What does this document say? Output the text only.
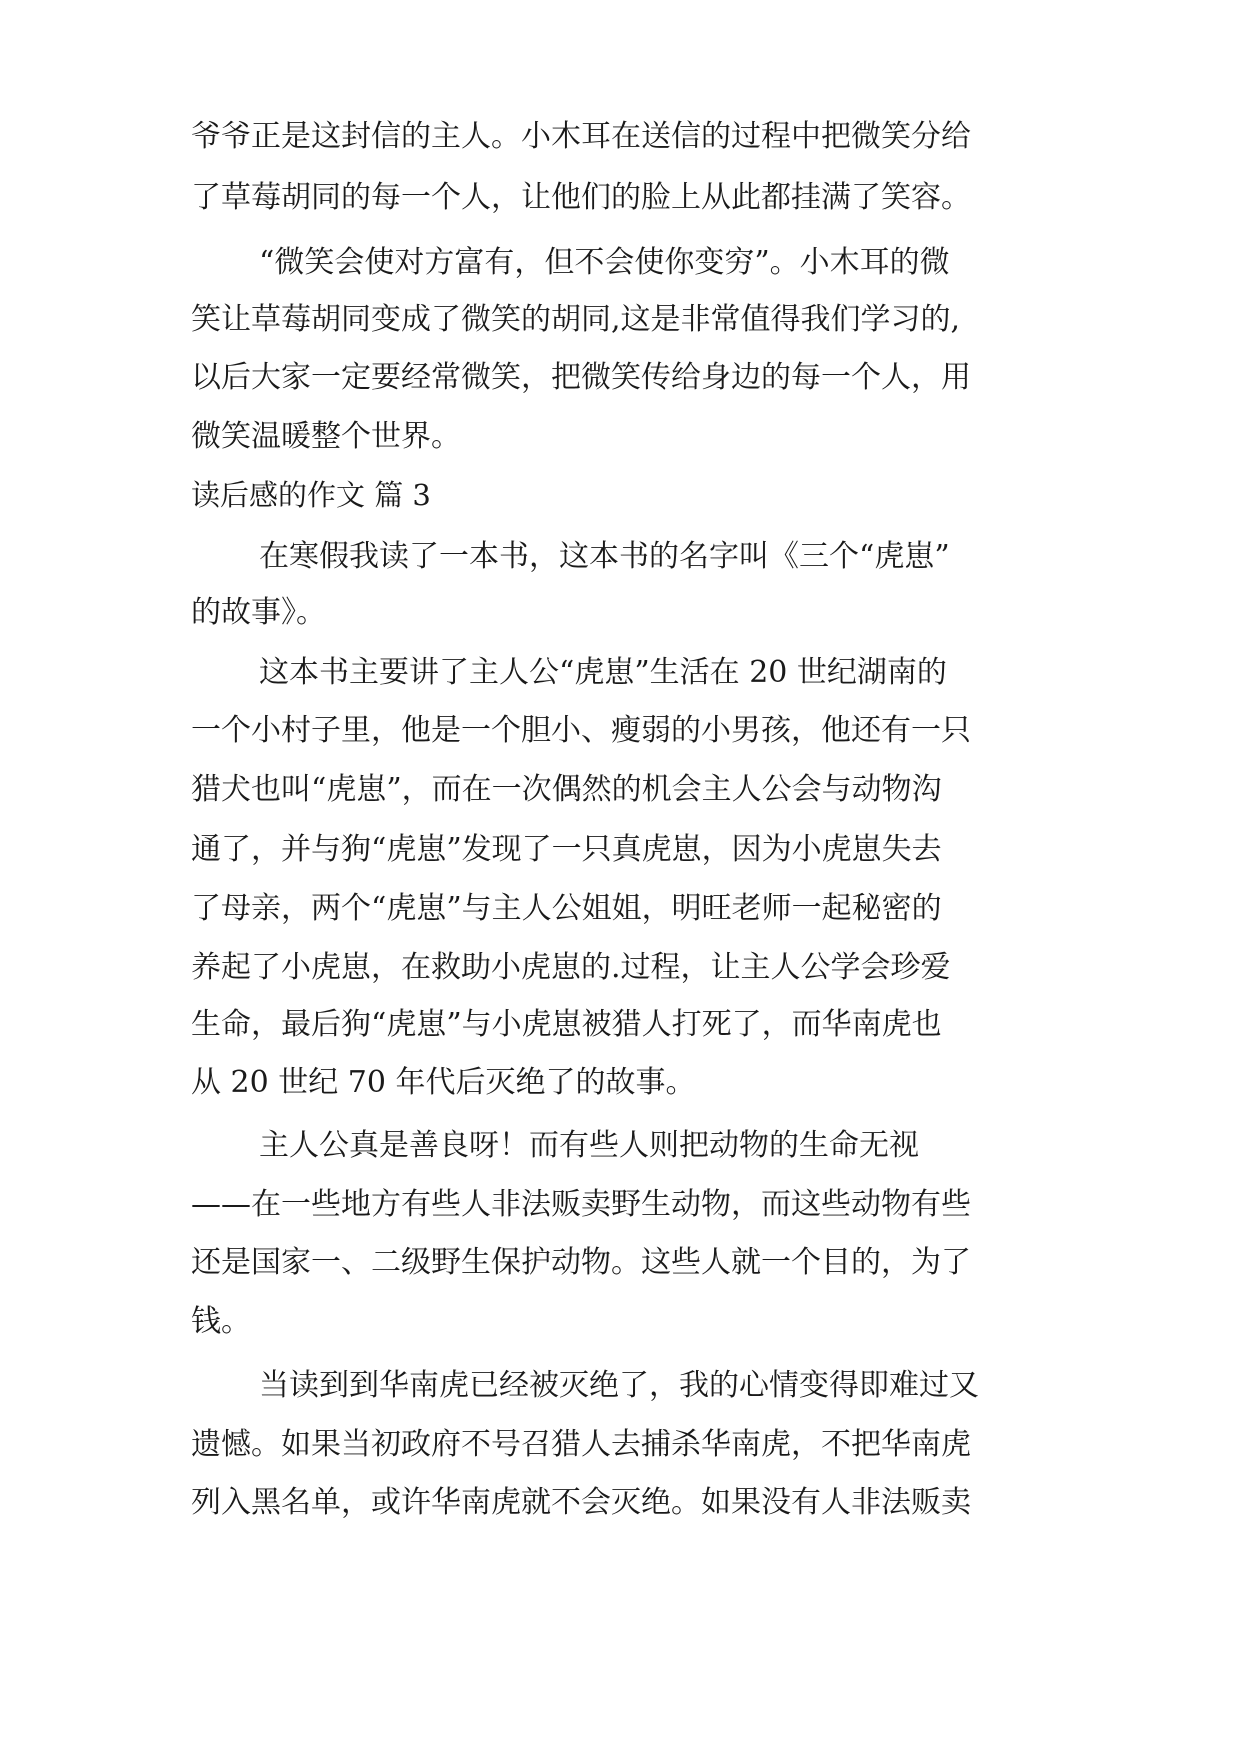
爷爷正是这封信的主人。小木耳在送信的过程中把微笑分给
了草莓胡同的每一个人，让他们的脸上从此都挂满了笑容。
“微笑会使对方富有，但不会使你变穷”。小木耳的微
笑让草莓胡同变成了微笑的胡同,这是非常值得我们学习的,
以后大家一定要经常微笑，把微笑传给身边的每一个人，用
微笑温暖整个世界。
读后感的作文 篇 3
在寒假我读了一本书，这本书的名字叫《三个“虎崽”
的故事》。
这本书主要讲了主人公“虎崽”生活在 20 世纪湖南的
一个小村子里，他是一个胆小、瘦弱的小男孩，他还有一只
猎犬也叫“虎崽”，而在一次偶然的机会主人公会与动物沟
通了，并与狗“虎崽”发现了一只真虎崽，因为小虎崽失去
了母亲，两个“虎崽”与主人公姐姐，明旺老师一起秘密的
养起了小虎崽，在救助小虎崽的.过程，让主人公学会珍爱
生命，最后狗“虎崽”与小虎崽被猎人打死了，而华南虎也
从 20 世纪 70 年代后灭绝了的故事。
主人公真是善良呀！而有些人则把动物的生命无视
——在一些地方有些人非法贩卖野生动物，而这些动物有些
还是国家一、二级野生保护动物。这些人就一个目的，为了
钱。
当读到到华南虎已经被灭绝了，我的心情变得即难过又
遗憾。如果当初政府不号召猎人去捕杀华南虎，不把华南虎
列入黑名单，或许华南虎就不会灭绝。如果没有人非法贩卖
